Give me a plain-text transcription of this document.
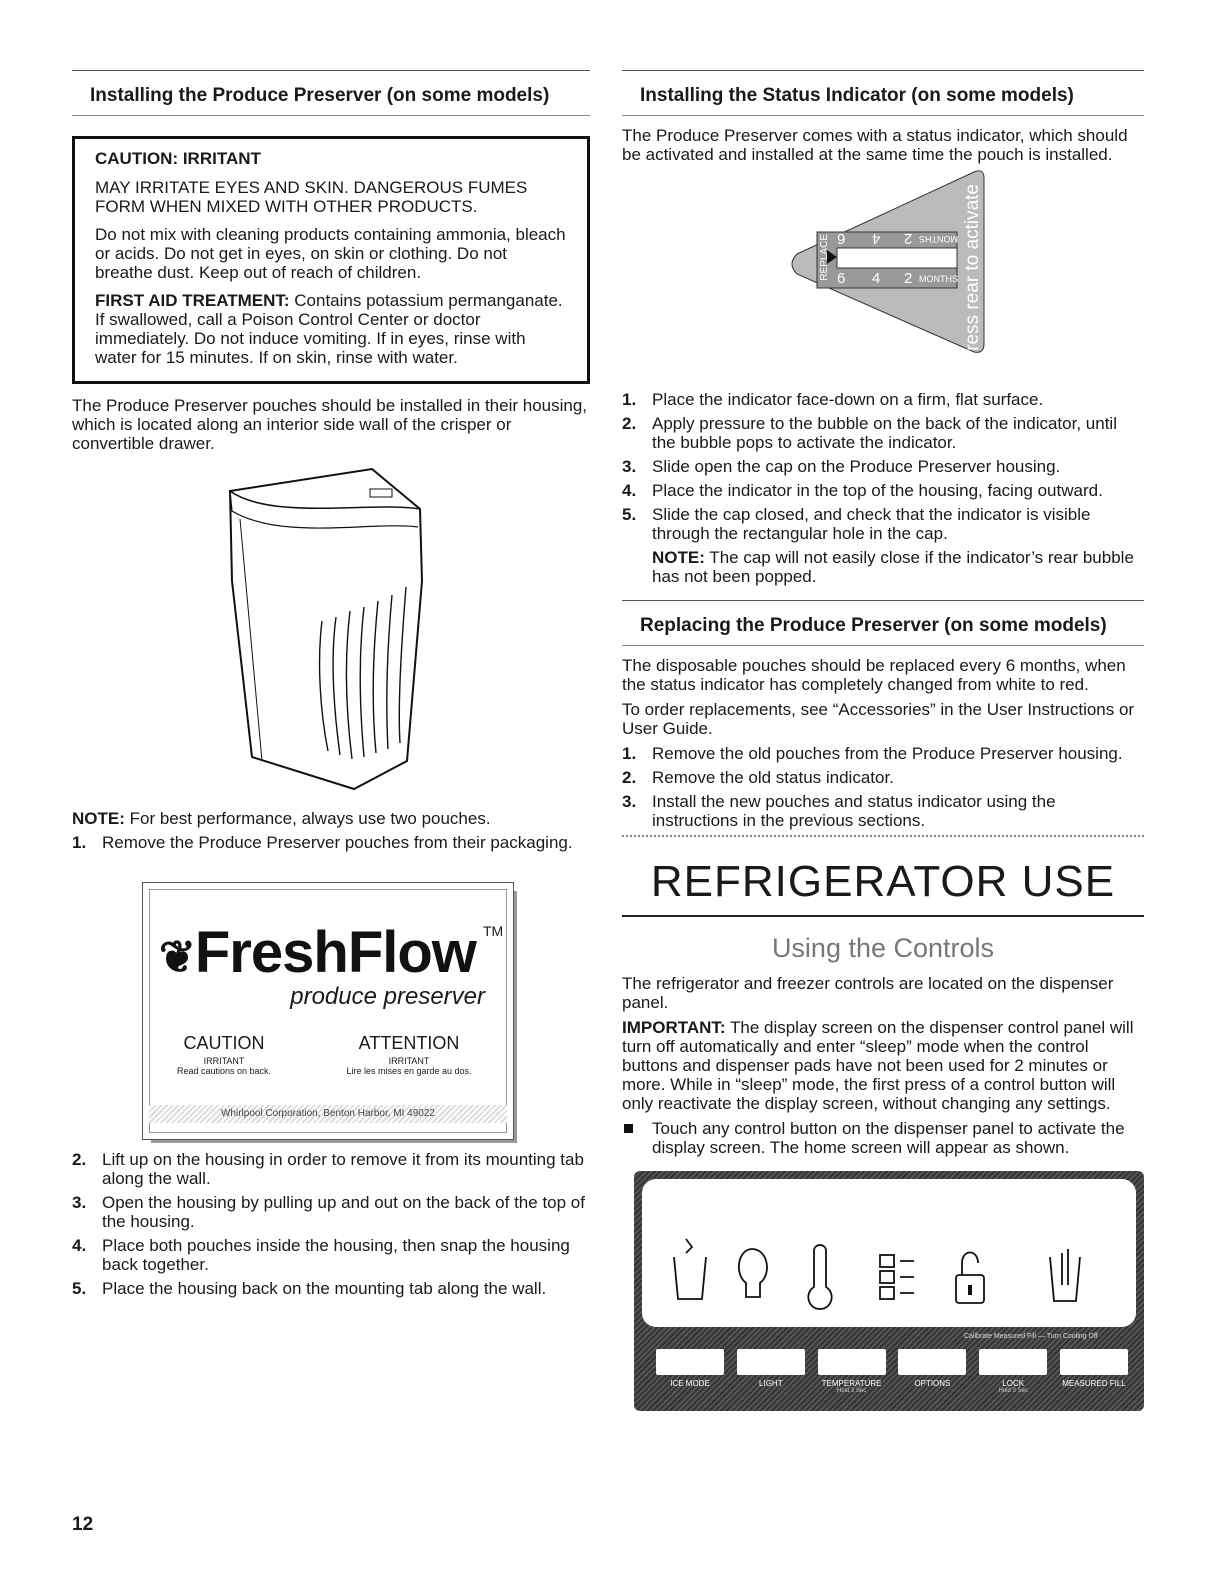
Installing the Produce Preserver (on some models)
CAUTION: IRRITANT

MAY IRRITATE EYES AND SKIN. DANGEROUS FUMES FORM WHEN MIXED WITH OTHER PRODUCTS.

Do not mix with cleaning products containing ammonia, bleach or acids. Do not get in eyes, on skin or clothing. Do not breathe dust. Keep out of reach of children.

FIRST AID TREATMENT: Contains potassium permanganate. If swallowed, call a Poison Control Center or doctor immediately. Do not induce vomiting. If in eyes, rinse with water for 15 minutes. If on skin, rinse with water.

The Produce Preserver pouches should be installed in their housing, which is located along an interior side wall of the crisper or convertible drawer.

NOTE: For best performance, always use two pouches.

1. Remove the Produce Preserver pouches from their packaging.
❦FreshFlow TM
produce preserver
CAUTION
IRRITANT
Read cautions on back.
ATTENTION
IRRITANT
Lire les mises en garde au dos.
Whirlpool Corporation, Benton Harbor, MI 49022
2. Lift up on the housing in order to remove it from its mounting tab along the wall.
3. Open the housing by pulling up and out on the back of the top of the housing.
4. Place both pouches inside the housing, then snap the housing back together.
5. Place the housing back on the mounting tab along the wall.
Installing the Status Indicator (on some models)

The Produce Preserver comes with a status indicator, which should be activated and installed at the same time the pouch is installed.

REPLACE	Press rear to activate
6 4 2 MONTHS
6 4 2 MONTHS
1. Place the indicator face-down on a firm, flat surface.
2. Apply pressure to the bubble on the back of the indicator, until the bubble pops to activate the indicator.
3. Slide open the cap on the Produce Preserver housing.
4. Place the indicator in the top of the housing, facing outward.
5. Slide the cap closed, and check that the indicator is visible through the rectangular hole in the cap.

NOTE: The cap will not easily close if the indicator’s rear bubble has not been popped.

Replacing the Produce Preserver (on some models)

The disposable pouches should be replaced every 6 months, when the status indicator has completely changed from white to red.

To order replacements, see “Accessories” in the User Instructions or User Guide.

1. Remove the old pouches from the Produce Preserver housing.
2. Remove the old status indicator.
3. Install the new pouches and status indicator using the instructions in the previous sections.
REFRIGERATOR USE
Using the Controls

The refrigerator and freezer controls are located on the dispenser panel.

IMPORTANT: The display screen on the dispenser control panel will turn off automatically and enter “sleep” mode when the control buttons and dispenser pads have not been used for 2 minutes or more. While in “sleep” mode, the first press of a control button will only reactivate the display screen, without changing any settings.

Touch any control button on the dispenser panel to activate the display screen. The home screen will appear as shown.
Calibrate Measured Fill — Turn Cooling Off
ICE MODE	LIGHT	TEMPERATURE
Hold 3 Sec
OPTIONS	LOCK
Hold 3 Sec
MEASURED FILL
12
